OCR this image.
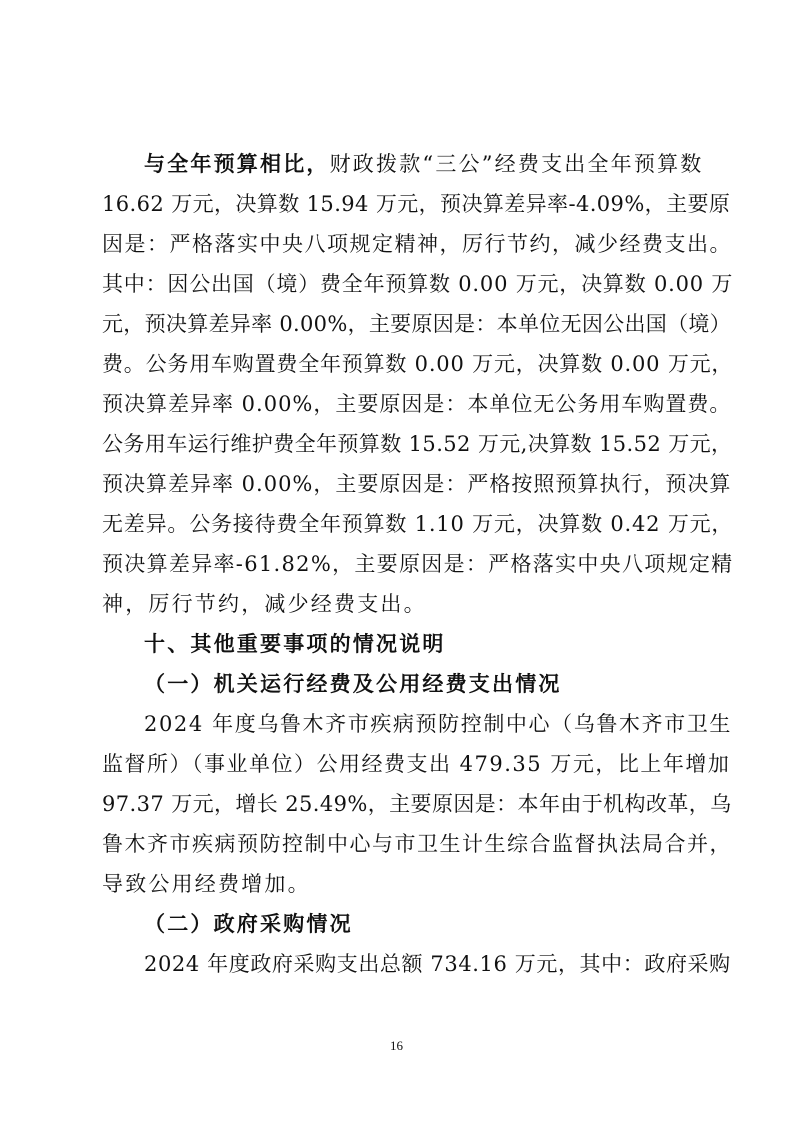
与全年预算相比，财政拨款“三公”经费支出全年预算数
16.62 万元，决算数 15.94 万元，预决算差异率-4.09%，主要原
因是：严格落实中央八项规定精神，厉行节约，减少经费支出。
其中：因公出国（境）费全年预算数 0.00 万元，决算数 0.00 万
元，预决算差异率 0.00%，主要原因是：本单位无因公出国（境）
费。公务用车购置费全年预算数 0.00 万元，决算数 0.00 万元，
预决算差异率 0.00%，主要原因是：本单位无公务用车购置费。
公务用车运行维护费全年预算数 15.52 万元,决算数 15.52 万元，
预决算差异率 0.00%，主要原因是：严格按照预算执行，预决算
无差异。公务接待费全年预算数 1.10 万元，决算数 0.42 万元，
预决算差异率-61.82%，主要原因是：严格落实中央八项规定精
神，厉行节约，减少经费支出。
十、其他重要事项的情况说明
（一）机关运行经费及公用经费支出情况
2024 年度乌鲁木齐市疾病预防控制中心（乌鲁木齐市卫生
监督所）（事业单位）公用经费支出 479.35 万元，比上年增加
97.37 万元，增长 25.49%，主要原因是：本年由于机构改革，乌
鲁木齐市疾病预防控制中心与市卫生计生综合监督执法局合并，
导致公用经费增加。
（二）政府采购情况
2024 年度政府采购支出总额 734.16 万元，其中：政府采购
16
